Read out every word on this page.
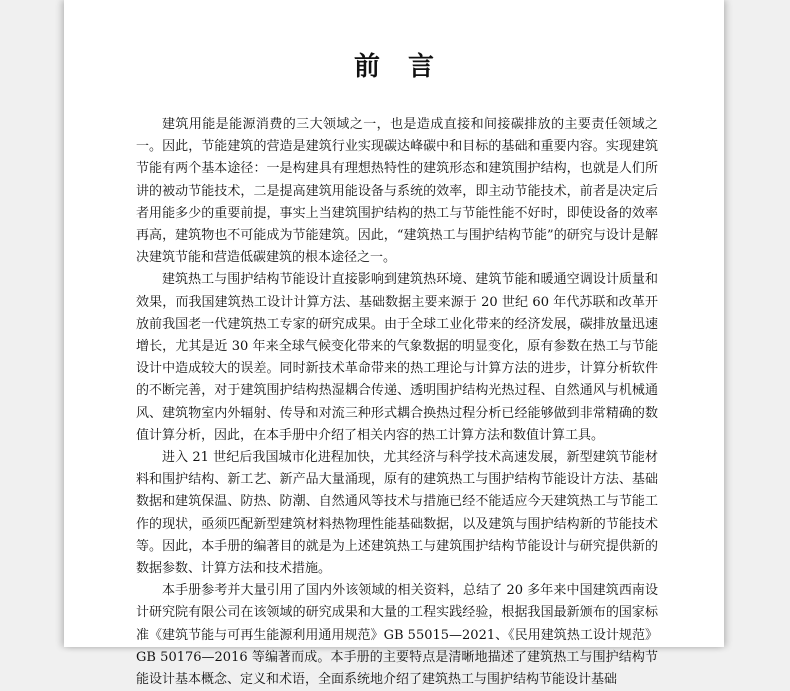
前言

建筑用能是能源消费的三大领域之一，也是造成直接和间接碳排放的主要责任领域之一。因此，节能建筑的营造是建筑行业实现碳达峰碳中和目标的基础和重要内容。实现建筑节能有两个基本途径：一是构建具有理想热特性的建筑形态和建筑围护结构，也就是人们所讲的被动节能技术，二是提高建筑用能设备与系统的效率，即主动节能技术，前者是决定后者用能多少的重要前提，事实上当建筑围护结构的热工与节能性能不好时，即使设备的效率再高，建筑物也不可能成为节能建筑。因此，“建筑热工与围护结构节能”的研究与设计是解决建筑节能和营造低碳建筑的根本途径之一。

建筑热工与围护结构节能设计直接影响到建筑热环境、建筑节能和暖通空调设计质量和效果，而我国建筑热工设计计算方法、基础数据主要来源于 20 世纪 60 年代苏联和改革开放前我国老一代建筑热工专家的研究成果。由于全球工业化带来的经济发展，碳排放量迅速增长，尤其是近 30 年来全球气候变化带来的气象数据的明显变化，原有参数在热工与节能设计中造成较大的误差。同时新技术革命带来的热工理论与计算方法的进步，计算分析软件的不断完善，对于建筑围护结构热湿耦合传递、透明围护结构光热过程、自然通风与机械通风、建筑物室内外辐射、传导和对流三种形式耦合换热过程分析已经能够做到非常精确的数值计算分析，因此，在本手册中介绍了相关内容的热工计算方法和数值计算工具。

进入 21 世纪后我国城市化进程加快，尤其经济与科学技术高速发展，新型建筑节能材料和围护结构、新工艺、新产品大量涌现，原有的建筑热工与围护结构节能设计方法、基础数据和建筑保温、防热、防潮、自然通风等技术与措施已经不能适应今天建筑热工与节能工作的现状，亟须匹配新型建筑材料热物理性能基础数据，以及建筑与围护结构新的节能技术等。因此，本手册的编著目的就是为上述建筑热工与建筑围护结构节能设计与研究提供新的数据参数、计算方法和技术措施。

本手册参考并大量引用了国内外该领域的相关资料，总结了 20 多年来中国建筑西南设计研究院有限公司在该领域的研究成果和大量的工程实践经验，根据我国最新颁布的国家标准《建筑节能与可再生能源利用通用规范》GB 55015—2021、《民用建筑热工设计规范》GB 50176—2016 等编著而成。本手册的主要特点是清晰地描述了建筑热工与围护结构节能设计基本概念、定义和术语，全面系统地介绍了建筑热工与围护结构节能设计基础
